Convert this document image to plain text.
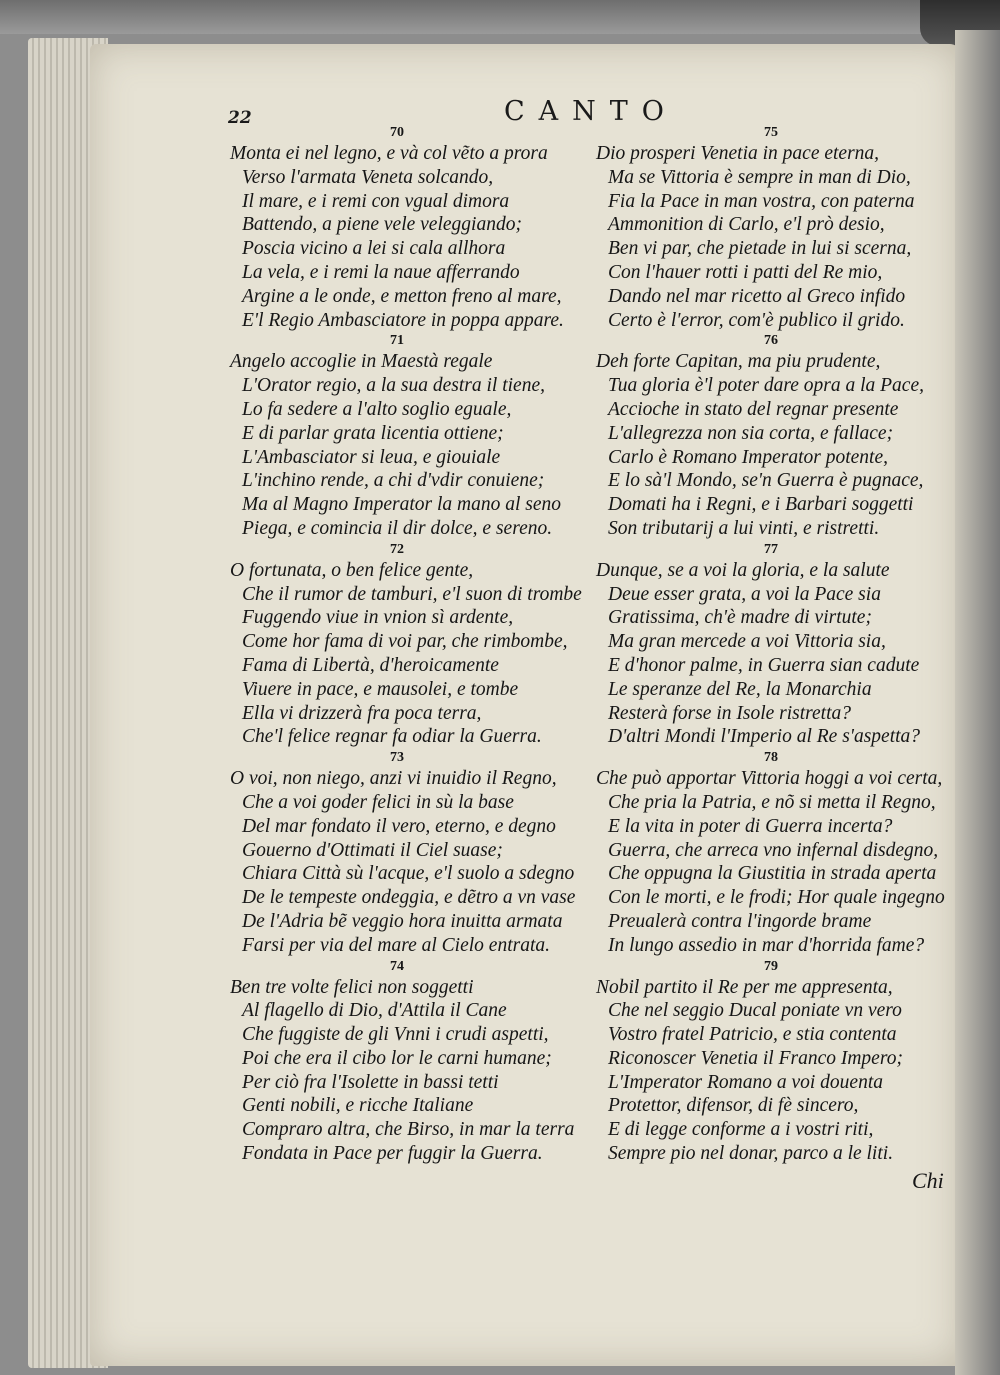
22	CANTO
70
Monta ei nel legno, e và col vẽto a prora
Verso l'armata Veneta solcando,
Il mare, e i remi con vgual dimora
Battendo, a piene vele veleggiando;
Poscia vicino a lei si cala allhora
La vela, e i remi la naue afferrando
Argine a le onde, e metton freno al mare,
E'l Regio Ambasciatore in poppa appare.
71
Angelo accoglie in Maestà regale
L'Orator regio, a la sua destra il tiene,
Lo fa sedere a l'alto soglio eguale,
E di parlar grata licentia ottiene;
L'Ambasciator si leua, e giouiale
L'inchino rende, a chi d'vdir conuiene;
Ma al Magno Imperator la mano al seno
Piega, e comincia il dir dolce, e sereno.
72
O fortunata, o ben felice gente,
Che il rumor de tamburi, e'l suon di trombe
Fuggendo viue in vnion sì ardente,
Come hor fama di voi par, che rimbombe,
Fama di Libertà, d'heroicamente
Viuere in pace, e mausolei, e tombe
Ella vi drizzerà fra poca terra,
Che'l felice regnar fa odiar la Guerra.
73
O voi, non niego, anzi vi inuidio il Regno,
Che a voi goder felici in sù la base
Del mar fondato il vero, eterno, e degno
Gouerno d'Ottimati il Ciel suase;
Chiara Città sù l'acque, e'l suolo a sdegno
De le tempeste ondeggia, e dẽtro a vn vase
De l'Adria bẽ veggio hora inuitta armata
Farsi per via del mare al Cielo entrata.
74
Ben tre volte felici non soggetti
Al flagello di Dio, d'Attila il Cane
Che fuggiste de gli Vnni i crudi aspetti,
Poi che era il cibo lor le carni humane;
Per ciò fra l'Isolette in bassi tetti
Genti nobili, e ricche Italiane
Compraro altra, che Birso, in mar la terra
Fondata in Pace per fuggir la Guerra.
75
Dio prosperi Venetia in pace eterna,
Ma se Vittoria è sempre in man di Dio,
Fia la Pace in man vostra, con paterna
Ammonition di Carlo, e'l prò desio,
Ben vi par, che pietade in lui si scerna,
Con l'hauer rotti i patti del Re mio,
Dando nel mar ricetto al Greco infido
Certo è l'error, com'è publico il grido.
76
Deh forte Capitan, ma piu prudente,
Tua gloria è'l poter dare opra a la Pace,
Accioche in stato del regnar presente
L'allegrezza non sia corta, e fallace;
Carlo è Romano Imperator potente,
E lo sà'l Mondo, se'n Guerra è pugnace,
Domati ha i Regni, e i Barbari soggetti
Son tributarij a lui vinti, e ristretti.
77
Dunque, se a voi la gloria, e la salute
Deue esser grata, a voi la Pace sia
Gratissima, ch'è madre di virtute;
Ma gran mercede a voi Vittoria sia,
E d'honor palme, in Guerra sian cadute
Le speranze del Re, la Monarchia
Resterà forse in Isole ristretta?
D'altri Mondi l'Imperio al Re s'aspetta?
78
Che può apportar Vittoria hoggi a voi certa,
Che pria la Patria, e nõ si metta il Regno,
E la vita in poter di Guerra incerta?
Guerra, che arreca vno infernal disdegno,
Che oppugna la Giustitia in strada aperta
Con le morti, e le frodi; Hor quale ingegno
Preualerà contra l'ingorde brame
In lungo assedio in mar d'horrida fame?
79
Nobil partito il Re per me appresenta,
Che nel seggio Ducal poniate vn vero
Vostro fratel Patricio, e stia contenta
Riconoscer Venetia il Franco Impero;
L'Imperator Romano a voi douenta
Protettor, difensor, di fè sincero,
E di legge conforme a i vostri riti,
Sempre pio nel donar, parco a le liti.
Chi
